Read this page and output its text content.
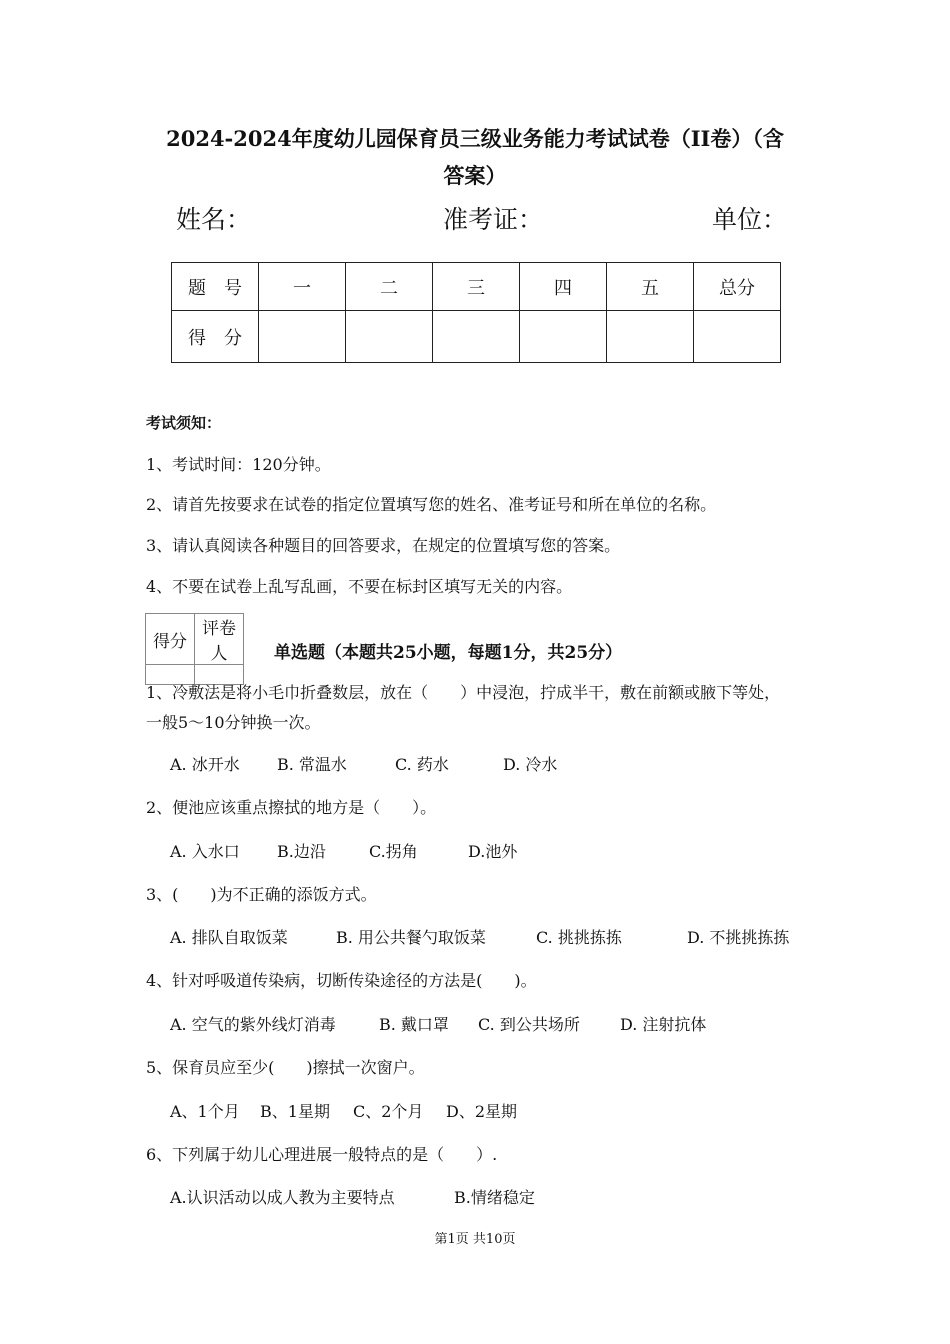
2024-2024年度幼儿园保育员三级业务能力考试试卷（II卷）（含
答案）
姓名：	准考证：	单位：
题　号	一	二	三	四	五	总分
得　分						
考试须知：
1、考试时间：120分钟。
2、请首先按要求在试卷的指定位置填写您的姓名、准考证号和所在单位的名称。
3、请认真阅读各种题目的回答要求，在规定的位置填写您的答案。
4、不要在试卷上乱写乱画，不要在标封区填写无关的内容。
得分	评卷人
		单选题（本题共25小题，每题1分，共25分）
1、冷敷法是将小毛巾折叠数层，放在（　　）中浸泡，拧成半干，敷在前额或腋下等处，
一般5～10分钟换一次。
A. 冰开水 B. 常温水	C. 药水	D. 冷水
2、便池应该重点擦拭的地方是（　　）。
A. 入水口 B.边沿	C.拐角	D.池外
3、(　　)为不正确的添饭方式。
A. 排队自取饭菜	B. 用公共餐勺取饭菜	C. 挑挑拣拣	D. 不挑挑拣拣
4、针对呼吸道传染病，切断传染途径的方法是(　　)。
A. 空气的紫外线灯消毒	B. 戴口罩 C. 到公共场所	D. 注射抗体
5、保育员应至少(　　)擦拭一次窗户。
A、1个月 B、1星期 C、2个月 D、2星期
6、下列属于幼儿心理进展一般特点的是（　　）.
A.认识活动以成人教为主要特点	B.情绪稳定
第1页 共10页
